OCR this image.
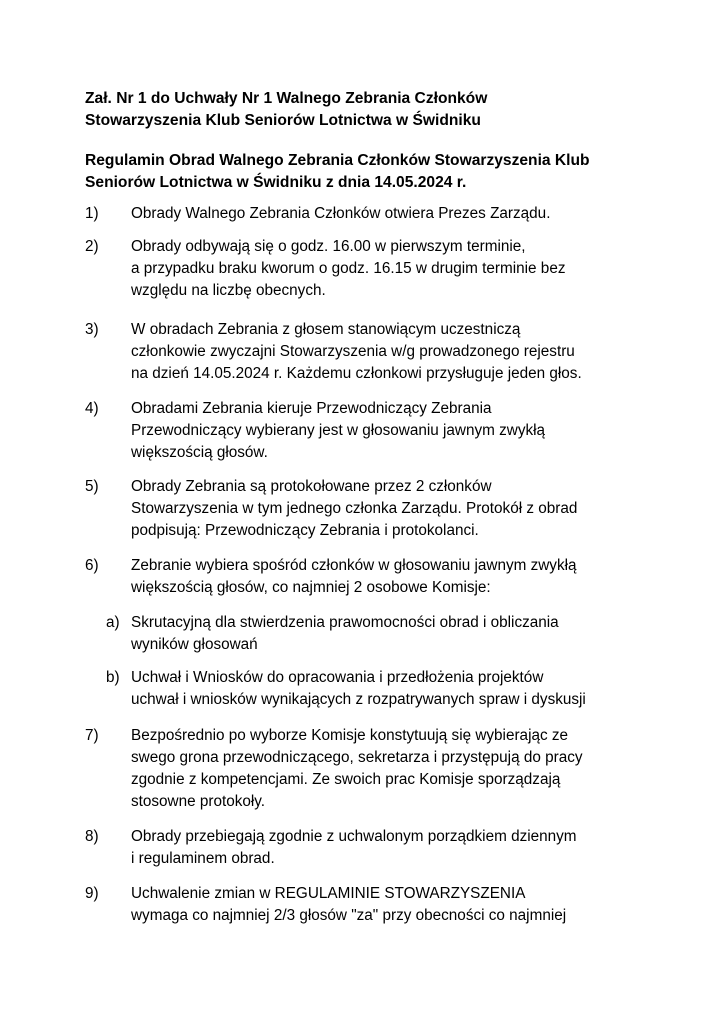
Zał. Nr 1 do Uchwały Nr 1 Walnego Zebrania Członków
Stowarzyszenia Klub Seniorów Lotnictwa w Świdniku
Regulamin Obrad Walnego Zebrania Członków Stowarzyszenia Klub
Seniorów Lotnictwa w Świdniku z dnia 14.05.2024 r.
1) Obrady Walnego Zebrania Członków otwiera Prezes Zarządu.
2) Obrady odbywają się o godz. 16.00 w pierwszym terminie,
a przypadku braku kworum o godz. 16.15 w drugim terminie bez
względu na liczbę obecnych.
3) W obradach Zebrania z głosem stanowiącym uczestniczą
członkowie zwyczajni Stowarzyszenia w/g prowadzonego rejestru
na dzień 14.05.2024 r. Każdemu członkowi przysługuje jeden głos.
4) Obradami Zebrania kieruje Przewodniczący Zebrania
Przewodniczący wybierany jest w głosowaniu jawnym zwykłą
większością głosów.
5) Obrady Zebrania są protokołowane przez 2 członków
Stowarzyszenia w tym jednego członka Zarządu. Protokół z obrad
podpisują: Przewodniczący Zebrania i protokolanci.
6) Zebranie wybiera spośród członków w głosowaniu jawnym zwykłą
większością głosów, co najmniej 2 osobowe Komisje:
a) Skrutacyjną dla stwierdzenia prawomocności obrad i obliczania
wyników głosowań
b) Uchwał i Wniosków do opracowania i przedłożenia projektów
uchwał i wniosków wynikających z rozpatrywanych spraw i dyskusji
7) Bezpośrednio po wyborze Komisje konstytuują się wybierając ze
swego grona przewodniczącego, sekretarza i przystępują do pracy
zgodnie z kompetencjami. Ze swoich prac Komisje sporządzają
stosowne protokoły.
8) Obrady przebiegają zgodnie z uchwalonym porządkiem dziennym
i regulaminem obrad.
9) Uchwalenie zmian w REGULAMINIE STOWARZYSZENIA
wymaga co najmniej 2/3 głosów "za" przy obecności co najmniej
